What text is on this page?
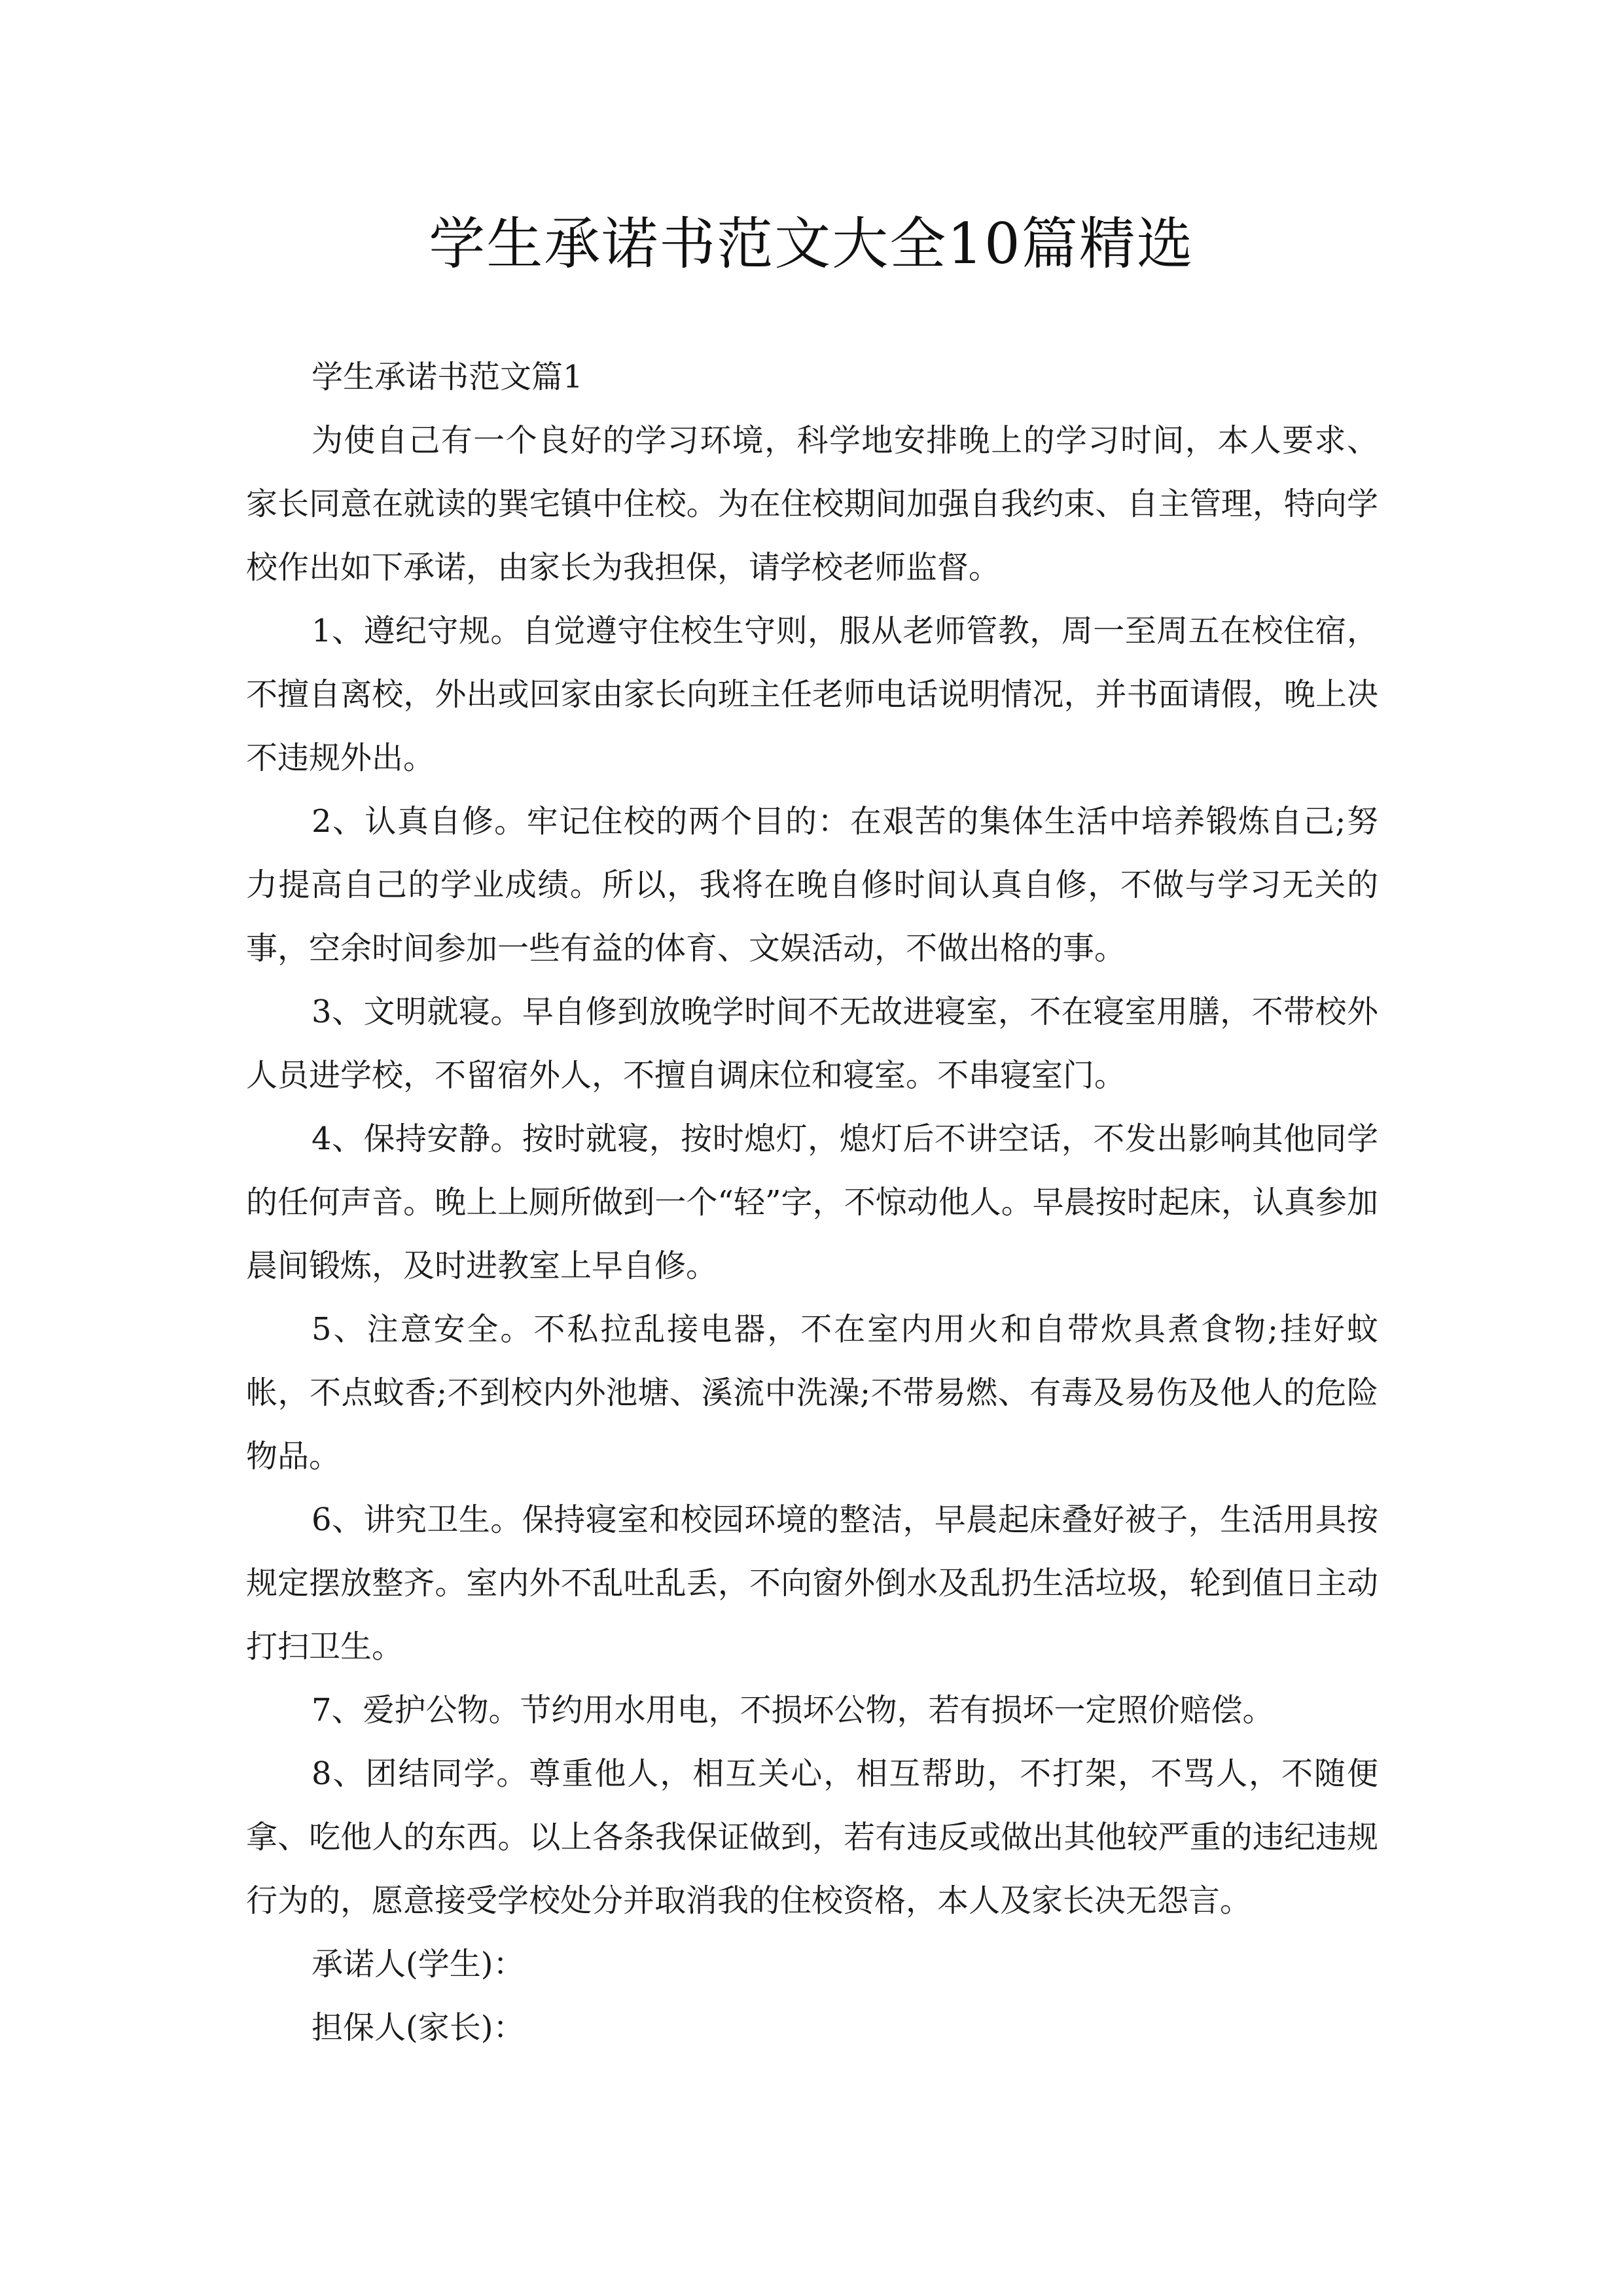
学生承诺书范文大全10篇精选

学生承诺书范文篇1

为使自己有一个良好的学习环境，科学地安排晚上的学习时间，本人要求、家长同意在就读的巽宅镇中住校。为在住校期间加强自我约束、自主管理，特向学校作出如下承诺，由家长为我担保，请学校老师监督。

1、遵纪守规。自觉遵守住校生守则，服从老师管教，周一至周五在校住宿，不擅自离校，外出或回家由家长向班主任老师电话说明情况，并书面请假，晚上决不违规外出。

2、认真自修。牢记住校的两个目的：在艰苦的集体生活中培养锻炼自己;努力提高自己的学业成绩。所以，我将在晚自修时间认真自修，不做与学习无关的事，空余时间参加一些有益的体育、文娱活动，不做出格的事。

3、文明就寝。早自修到放晚学时间不无故进寝室，不在寝室用膳，不带校外人员进学校，不留宿外人，不擅自调床位和寝室。不串寝室门。

4、保持安静。按时就寝，按时熄灯，熄灯后不讲空话，不发出影响其他同学的任何声音。晚上上厕所做到一个“轻”字，不惊动他人。早晨按时起床，认真参加晨间锻炼，及时进教室上早自修。

5、注意安全。不私拉乱接电器，不在室内用火和自带炊具煮食物;挂好蚊帐，不点蚊香;不到校内外池塘、溪流中洗澡;不带易燃、有毒及易伤及他人的危险物品。

6、讲究卫生。保持寝室和校园环境的整洁，早晨起床叠好被子，生活用具按规定摆放整齐。室内外不乱吐乱丢，不向窗外倒水及乱扔生活垃圾，轮到值日主动打扫卫生。

7、爱护公物。节约用水用电，不损坏公物，若有损坏一定照价赔偿。

8、团结同学。尊重他人，相互关心，相互帮助，不打架，不骂人，不随便拿、吃他人的东西。以上各条我保证做到，若有违反或做出其他较严重的违纪违规行为的，愿意接受学校处分并取消我的住校资格，本人及家长决无怨言。

承诺人(学生)：

担保人(家长)：
